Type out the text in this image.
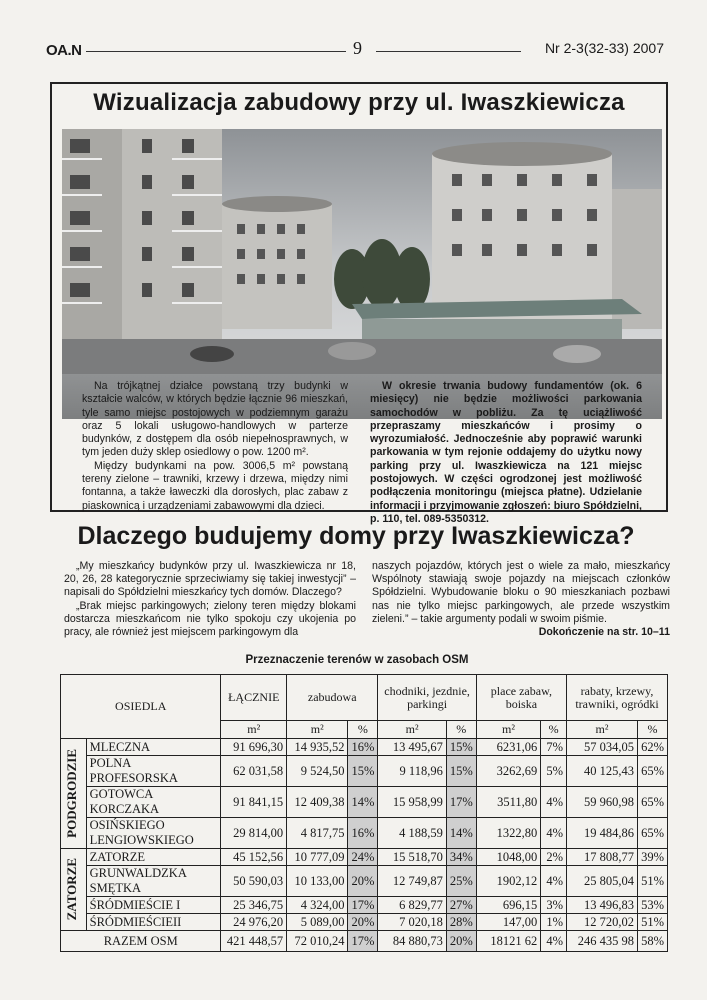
OA.N	9	Nr 2-3(32-33) 2007
Wizualizacja zabudowy przy ul. Iwaszkiewicza

Na trójkątnej działce powstaną trzy budynki w kształcie walców, w których będzie łącznie 96 mieszkań, tyle samo miejsc postojowych w podziemnym garażu oraz 5 lokali usługowo-handlowych w parterze budynków, z dostępem dla osób niepełnosprawnych, w tym jeden duży sklep osiedlowy o pow. 1200 m².

Między budynkami na pow. 3006,5 m² powstaną tereny zielone – trawniki, krzewy i drzewa, między nimi fontanna, a także ławeczki dla dorosłych, plac zabaw z piaskownicą i urządzeniami zabawowymi dla dzieci.

W okresie trwania budowy fundamentów (ok. 6 miesięcy) nie będzie możliwości parkowania samochodów w pobliżu. Za tę uciążliwość przepraszamy mieszkańców i prosimy o wyrozumiałość. Jednocześnie aby poprawić warunki parkowania w tym rejonie oddajemy do użytku nowy parking przy ul. Iwaszkiewicza na 121 miejsc postojowych. W części ogrodzonej jest możliwość podłączenia monitoringu (miejsca płatne). Udzielanie informacji i przyjmowanie zgłoszeń: biuro Spółdzielni, p. 110, tel. 089-5350312.

Dlaczego budujemy domy przy Iwaszkiewicza?

„My mieszkańcy budynków przy ul. Iwaszkiewicza nr 18, 20, 26, 28 kategorycznie sprzeciwiamy się takiej inwestycji” –napisali do Spółdzielni mieszkańcy tych domów. Dlaczego?

„Brak miejsc parkingowych; zielony teren między blokami dostarcza mieszkańcom nie tylko spokoju czy ukojenia po pracy, ale również jest miejscem parkingowym dla

naszych pojazdów, których jest o wiele za mało, mieszkańcy Wspólnoty stawiają swoje pojazdy na miejscach członków Spółdzielni. Wybudowanie bloku o 90 mieszkaniach pozbawi nas nie tylko miejsc parkingowych, ale przede wszystkim zieleni.” – takie argumenty podali w swoim piśmie.

Dokończenie na str. 10–11

Przeznaczenie terenów w zasobach OSM
OSIEDLA		ŁĄCZNIE	zabudowa		chodniki, jezdnie, parkingi		place zabaw, boiska		rabaty, krzewy, trawniki, ogródki	
		m²	m²	%	m²	%	m²	%	m²	%

PODGRODZIE	MLECZNA	91 696,30	14 935,52	16%	13 495,67	15%	6231,06	7%	57 034,05	62%
	POLNA PROFESORSKA	62 031,58	9 524,50	15%	9 118,96	15%	3262,69	5%	40 125,43	65%
	GOTOWCA KORCZAKA	91 841,15	12 409,38	14%	15 958,99	17%	3511,80	4%	59 960,98	65%
	OSIŃSKIEGO LENGIOWSKIEGO	29 814,00	4 817,75	16%	4 188,59	14%	1322,80	4%	19 484,86	65%

ZATORZE	ZATORZE	45 152,56	10 777,09	24%	15 518,70	34%	1048,00	2%	17 808,77	39%
	GRUNWALDZKA SMĘTKA	50 590,03	10 133,00	20%	12 749,87	25%	1902,12	4%	25 805,04	51%
	ŚRÓDMIEŚCIE I	25 346,75	4 324,00	17%	6 829,77	27%	696,15	3%	13 496,83	53%
	ŚRÓDMIEŚCIEII	24 976,20	5 089,00	20%	7 020,18	28%	147,00	1%	12 720,02	51%
RAZEM OSM		421 448,57	72 010,24	17%	84 880,73	20%	18121 62	4%	246 435 98	58%
